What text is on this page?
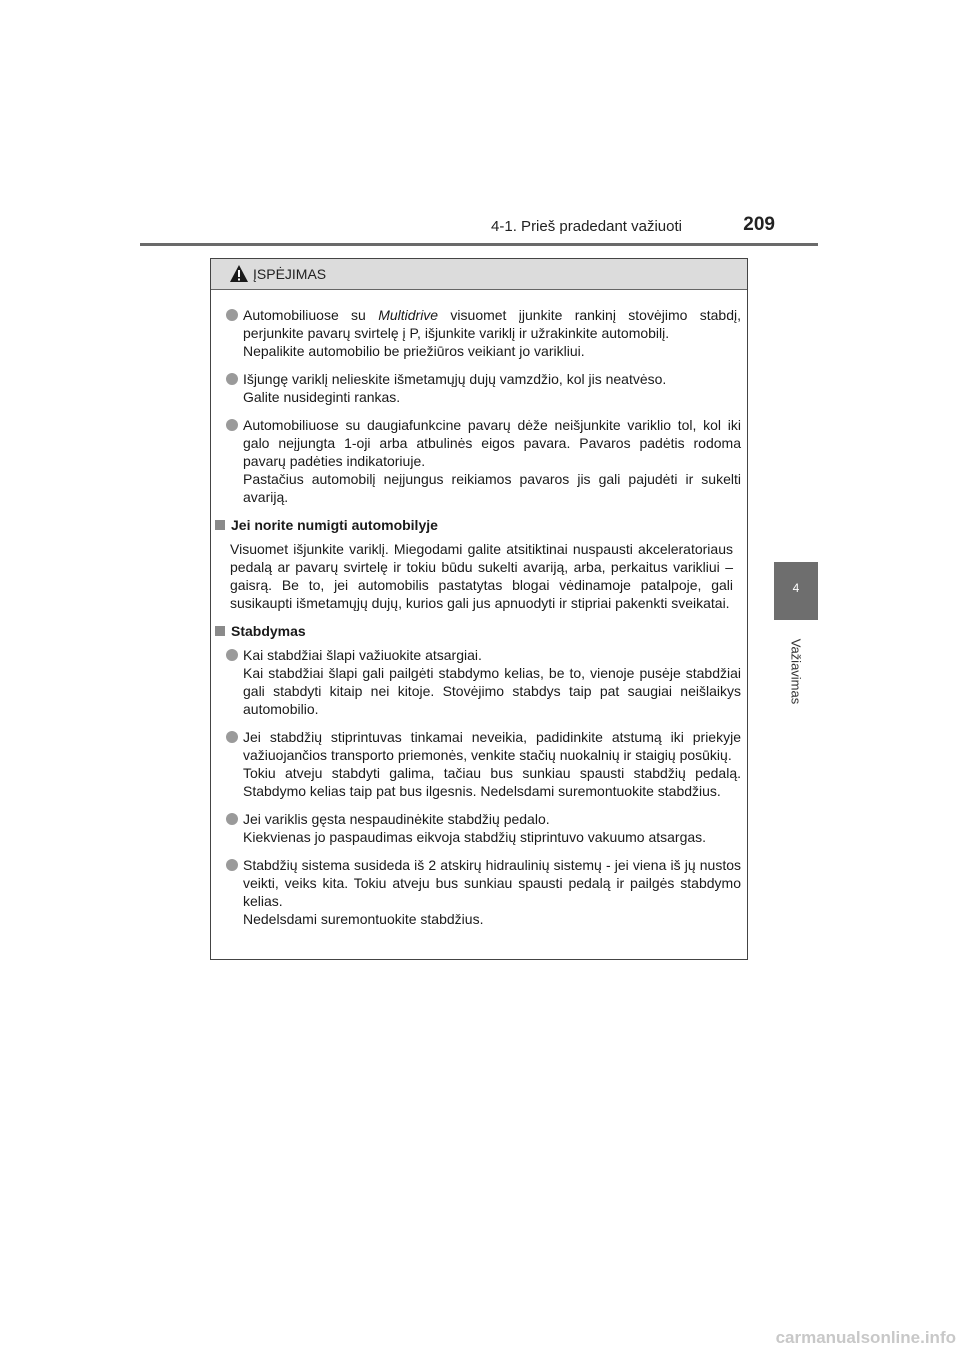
4-1. Prieš pradedant važiuoti	209
4
Važiavimas
ĮSPĖJIMAS

Automobiliuose su Multidrive visuomet įjunkite rankinį stovėjimo stabdį, perjunkite pavarų svirtelę į P, išjunkite variklį ir užrakinkite automobilį.

Nepalikite automobilio be priežiūros veikiant jo varikliui.

Išjungę variklį nelieskite išmetamųjų dujų vamzdžio, kol jis neatvėso.

Galite nusideginti rankas.

Automobiliuose su daugiafunkcine pavarų dėže neišjunkite variklio tol, kol iki galo neįjungta 1-oji arba atbulinės eigos pavara. Pavaros padėtis rodoma pavarų padėties indikatoriuje.

Pastačius automobilį neįjungus reikiamos pavaros jis gali pajudėti ir sukelti avariją.

Jei norite numigti automobilyje
Visuomet išjunkite variklį. Miegodami galite atsitiktinai nuspausti akceleratoriaus pedalą ar pavarų svirtelę ir tokiu būdu sukelti avariją, arba, perkaitus varikliui – gaisrą. Be to, jei automobilis pastatytas blogai vėdinamoje patalpoje, gali susikaupti išmetamųjų dujų, kurios gali jus apnuodyti ir stipriai pakenkti sveikatai.
Stabdymas

Kai stabdžiai šlapi važiuokite atsargiai.

Kai stabdžiai šlapi gali pailgėti stabdymo kelias, be to, vienoje pusėje stabdžiai gali stabdyti kitaip nei kitoje. Stovėjimo stabdys taip pat saugiai neišlaikys automobilio.

Jei stabdžių stiprintuvas tinkamai neveikia, padidinkite atstumą iki priekyje važiuojančios transporto priemonės, venkite stačių nuokalnių ir staigių posūkių.

Tokiu atveju stabdyti galima, tačiau bus sunkiau spausti stabdžių pedalą. Stabdymo kelias taip pat bus ilgesnis. Nedelsdami suremontuokite stabdžius.

Jei variklis gęsta nespaudinėkite stabdžių pedalo.

Kiekvienas jo paspaudimas eikvoja stabdžių stiprintuvo vakuumo atsargas.

Stabdžių sistema susideda iš 2 atskirų hidraulinių sistemų - jei viena iš jų nustos veikti, veiks kita. Tokiu atveju bus sunkiau spausti pedalą ir pailgės stabdymo kelias.

Nedelsdami suremontuokite stabdžius.

carmanualsonline.info
